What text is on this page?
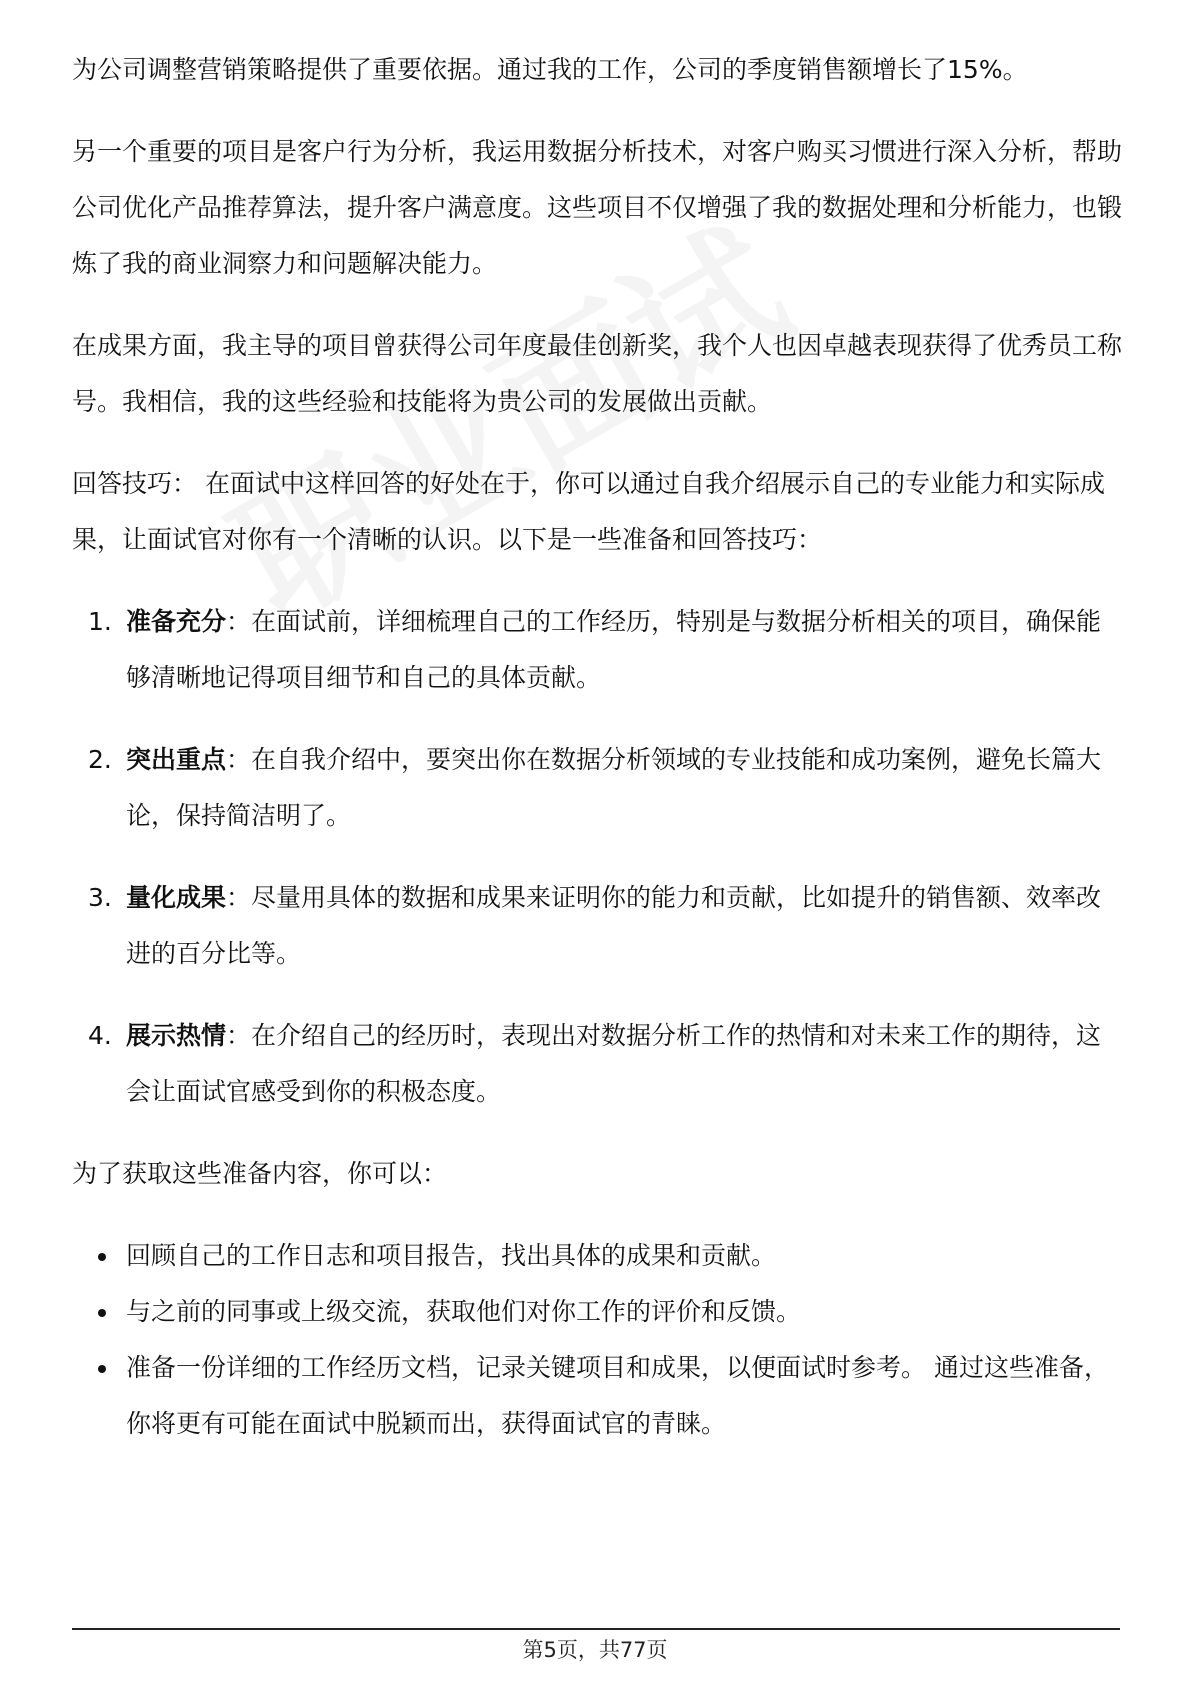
为公司调整营销策略提供了重要依据。通过我的工作，公司的季度销售额增长了15%。

另一个重要的项目是客户行为分析，我运用数据分析技术，对客户购买习惯进行深入分析，帮助公司优化产品推荐算法，提升客户满意度。这些项目不仅增强了我的数据处理和分析能力，也锻炼了我的商业洞察力和问题解决能力。

在成果方面，我主导的项目曾获得公司年度最佳创新奖，我个人也因卓越表现获得了优秀员工称号。我相信，我的这些经验和技能将为贵公司的发展做出贡献。

回答技巧： 在面试中这样回答的好处在于，你可以通过自我介绍展示自己的专业能力和实际成果，让面试官对你有一个清晰的认识。以下是一些准备和回答技巧：

1. 准备充分：在面试前，详细梳理自己的工作经历，特别是与数据分析相关的项目，确保能够清晰地记得项目细节和自己的具体贡献。
2. 突出重点：在自我介绍中，要突出你在数据分析领域的专业技能和成功案例，避免长篇大论，保持简洁明了。
3. 量化成果：尽量用具体的数据和成果来证明你的能力和贡献，比如提升的销售额、效率改进的百分比等。
4. 展示热情：在介绍自己的经历时，表现出对数据分析工作的热情和对未来工作的期待，这会让面试官感受到你的积极态度。

为了获取这些准备内容，你可以：

回顾自己的工作日志和项目报告，找出具体的成果和贡献。
与之前的同事或上级交流，获取他们对你工作的评价和反馈。
准备一份详细的工作经历文档，记录关键项目和成果，以便面试时参考。 通过这些准备，你将更有可能在面试中脱颖而出，获得面试官的青睐。
第5页，共77页
